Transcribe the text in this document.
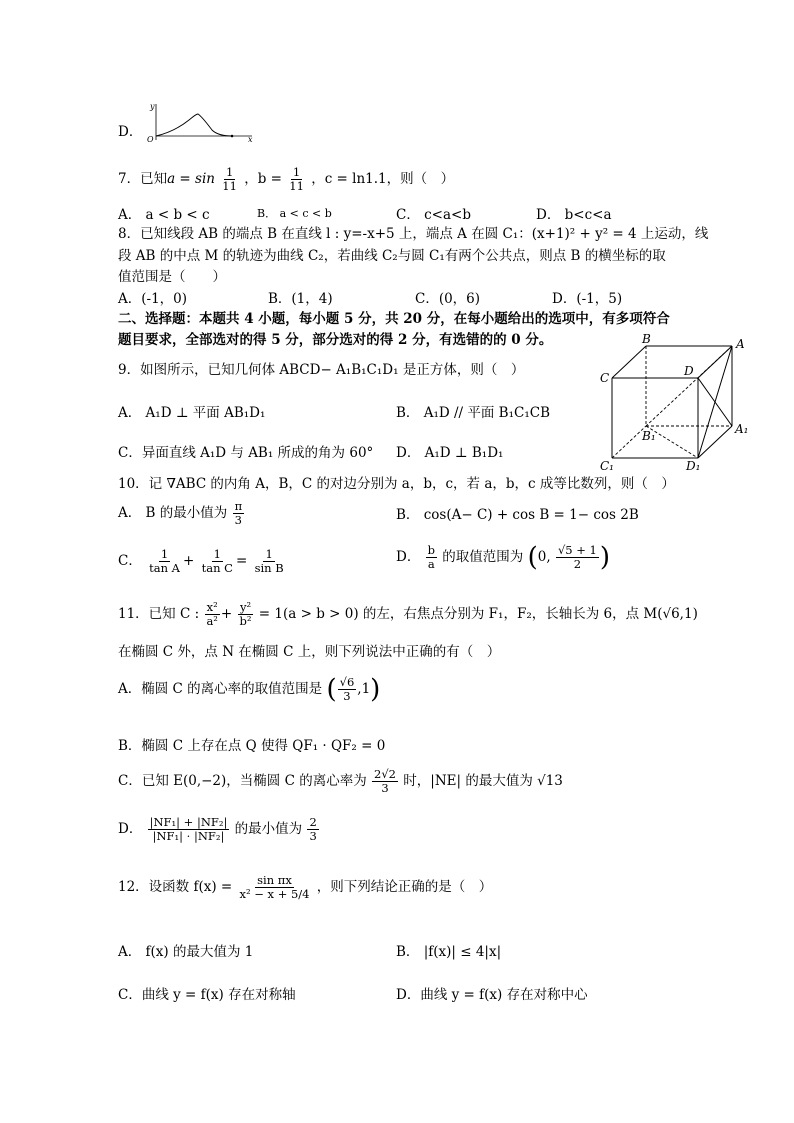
D．
y
O	x
7．已知$a = \sin \frac{1}{11}$ ，$b = \frac{1}{11}$ ，c = ln1.1，则（　）
A． a < b < c	B． a < c < b	C． c<a<b	D． b<c<a
8．已知线段 AB 的端点 B 在直线 l : y=-x+5 上，端点 A 在圆 C₁：(x+1)² + y² = 4 上运动，线
段 AB 的中点 M 的轨迹为曲线 C₂，若曲线 C₂与圆 C₁有两个公共点，则点 B 的横坐标的取
值范围是（　　）
A．(-1，0)	B．(1，4)	C．(0，6)	D．(-1，5)
二、选择题：本题共 4 小题，每小题 5 分，共 20 分，在每小题给出的选项中，有多项符合
题目要求，全部选对的得 5 分，部分选对的得 2 分，有选错的的 0 分。
9．如图所示，已知几何体 ABCD− A₁B₁C₁D₁ 是正方体，则（　）
A． A₁D ⊥ 平面 AB₁D₁	B． A₁D // 平面 B₁C₁CB
C．异面直线 A₁D 与 AB₁ 所成的角为 60° D． A₁D ⊥ B₁D₁
B	A
C	D
A₁
B₁
C₁	D₁
10．记 ∇ABC 的内角 A，B，C 的对边分别为 a，b，c，若 a，b，c 成等比数列，则（　）
A． B 的最小值为 $\frac{\pi}{3}$	B． cos(A− C) + cos B = 1− cos 2B
C． $\frac{1}{\text{tan A}} + \frac{1}{\text{tan C}} = \frac{1}{\text{sin B}}$	D． $\frac{b}{a}$ 的取值范围为 (0, $\frac{√5 + 1}{2}$ )
11．已知 C : $\frac{\text{x²}}{\text{a²}} + \frac{\text{y²}}{\text{b²}} = 1(a > b > 0)$ 的左，右焦点分别为 F₁，F₂，长轴长为 6，点 M(√6,1)
在椭圆 C 外，点 N 在椭圆 C 上，则下列说法中正确的有（　）
A．椭圆 C 的离心率的取值范围是 ( $\frac{√6}{3} ,1$)
B．椭圆 C 上存在点 Q 使得 QF₁ · QF₂ = 0
C．已知 E(0,−2)，当椭圆 C 的离心率为 $\frac{2√2}{3}$ 时，|NE| 的最大值为 √13
D． $\frac{\text{|NF₁| + |NF₂|}}{\text{|NF₁| · |NF₂|}}$ 的最小值为 $\frac{2}{3}$
12．设函数 $f(x) = \frac{\text{sin πx}}{\text{x² − x + 5/4}}$ ，则下列结论正确的是（　）
A． f(x) 的最大值为 1	B． |f(x)| ≤ 4|x|
C．曲线 y = f(x) 存在对称轴	D．曲线 y = f(x) 存在对称中心
